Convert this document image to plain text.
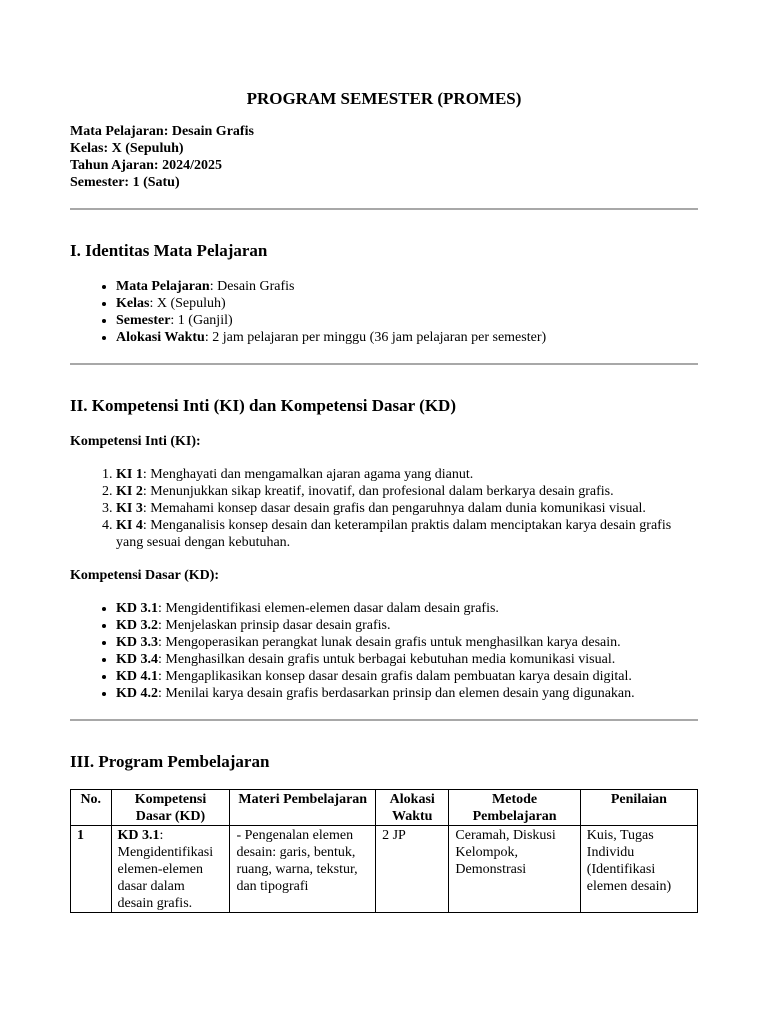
PROGRAM SEMESTER (PROMES)
Mata Pelajaran: Desain Grafis
Kelas: X (Sepuluh)
Tahun Ajaran: 2024/2025
Semester: 1 (Satu)
I. Identitas Mata Pelajaran
• Mata Pelajaran: Desain Grafis
• Kelas: X (Sepuluh)
• Semester: 1 (Ganjil)
• Alokasi Waktu: 2 jam pelajaran per minggu (36 jam pelajaran per semester)
II. Kompetensi Inti (KI) dan Kompetensi Dasar (KD)

Kompetensi Inti (KI):

1. KI 1: Menghayati dan mengamalkan ajaran agama yang dianut.
2. KI 2: Menunjukkan sikap kreatif, inovatif, dan profesional dalam berkarya desain grafis.
3. KI 3: Memahami konsep dasar desain grafis dan pengaruhnya dalam dunia komunikasi visual.
4. KI 4: Menganalisis konsep desain dan keterampilan praktis dalam menciptakan karya desain grafis yang sesuai dengan kebutuhan.

Kompetensi Dasar (KD):

• KD 3.1: Mengidentifikasi elemen-elemen dasar dalam desain grafis.
• KD 3.2: Menjelaskan prinsip dasar desain grafis.
• KD 3.3: Mengoperasikan perangkat lunak desain grafis untuk menghasilkan karya desain.
• KD 3.4: Menghasilkan desain grafis untuk berbagai kebutuhan media komunikasi visual.
• KD 4.1: Mengaplikasikan konsep dasar desain grafis dalam pembuatan karya desain digital.
• KD 4.2: Menilai karya desain grafis berdasarkan prinsip dan elemen desain yang digunakan.
III. Program Pembelajaran
No.	Kompetensi Dasar (KD)	Materi Pembelajaran	Alokasi Waktu	Metode Pembelajaran	Penilaian
1	KD 3.1: Mengidentifikasi elemen-elemen dasar dalam desain grafis.	- Pengenalan elemen desain: garis, bentuk, ruang, warna, tekstur, dan tipografi	2 JP	Ceramah, Diskusi Kelompok, Demonstrasi	Kuis, Tugas Individu (Identifikasi elemen desain)
